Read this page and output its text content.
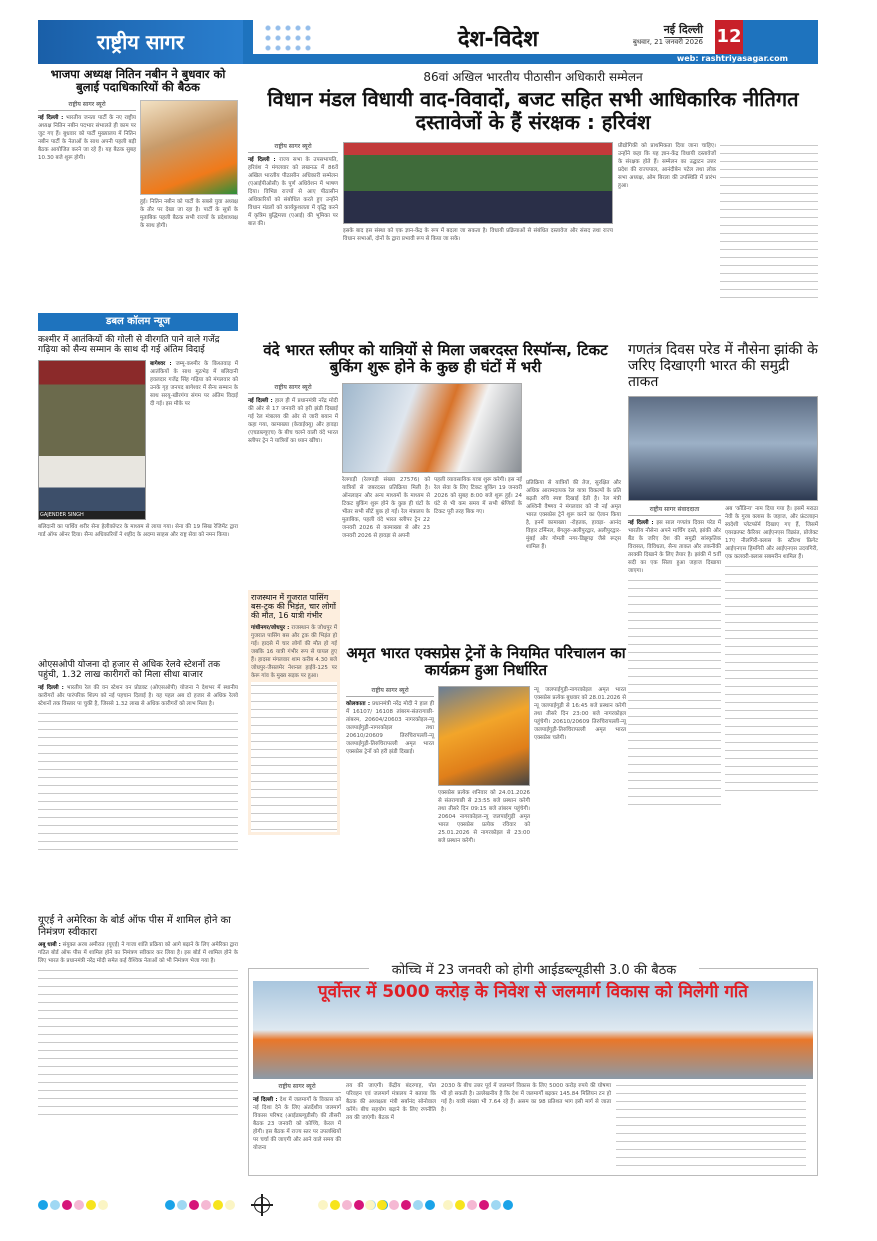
राष्ट्रीय सागर	देश-विदेश	नई दिल्ली
बुधवार, 21 जनवरी 2026 12
web: rashtriyasagar.com
भाजपा अध्यक्ष नितिन नबीन ने बुधवार को बुलाई पदाधिकारियों की बैठक
राष्ट्रीय सागर ब्यूरो
नई दिल्ली : भारतीय जनता पार्टी के नए राष्ट्रीय अध्यक्ष नितिन नबीन पदभार संभालते ही काम पर जुट गए हैं। बुधवार को पार्टी मुख्यालय में नितिन नबीन पार्टी के नेताओं के साथ अपनी पहली बड़ी बैठक आयोजित करने जा रहे हैं। यह बैठक सुबह 10.30 बजे शुरू होगी।
हुई। नितिन नबीन को पार्टी के सबसे युवा अध्यक्ष के तौर पर देखा जा रहा है। पार्टी के सूत्रों के मुताबिक पहली बैठक सभी राज्यों के प्रदेशाध्यक्ष के साथ होगी।
डबल कॉलम न्यूज
कश्मीर में आतंकियों की गोली से वीरगति पाने वाले गजेंद्र गढ़िया को सैन्य सम्मान के साथ दी गई अंतिम विदाई
GAJENDER SINGH
बागेश्वर : जम्मू-कश्मीर के किश्तवाड़ में आतंकियों के साथ मुठभेड़ में बलिदानी हवलदार गजेंद्र सिंह गढ़िया को मंगलवार को उनके गृह जनपद बागेश्वर में सैन्य सम्मान के साथ सरयू-खीरगंगा संगम पर अंतिम विदाई दी गई। इस मौके पर
बलिदानी का पार्थिव शरीर सेना हेलीकॉप्टर के माध्यम से लाया गया। सेना की 19 सिख रेजिमेंट द्वारा गार्ड ऑफ ऑनर दिया। सैन्य अधिकारियों ने शहीद के अदम्य साहस और राष्ट्र सेवा को नमन किया।
ओएसओपी योजना दो हजार से अधिक रेलवे स्टेशनों तक पहुंची, 1.32 लाख कारीगरों को मिला सीधा बाजार
नई दिल्ली : भारतीय रेल की वन स्टेशन वन प्रोडक्ट (ओएसओपी) योजना ने देशभर में स्थानीय कारीगरों और पारंपरिक शिल्प को नई पहचान दिलाई है। यह पहल अब दो हजार से अधिक रेलवे स्टेशनों तक विस्तार पा चुकी है, जिससे 1.32 लाख से अधिक कारीगरों को लाभ मिला है।
यूएई ने अमेरिका के बोर्ड ऑफ पीस में शामिल होने का निमंत्रण स्वीकारा
अबू धाबी : संयुक्त अरब अमीरात (यूएई) ने गाजा शांति प्रक्रिया को आगे बढ़ाने के लिए अमेरिका द्वारा गठित बोर्ड ऑफ पीस में शामिल होने का निमंत्रण स्वीकार कर लिया है। इस बोर्ड में शामिल होने के लिए भारत के प्रधानमंत्री नरेंद्र मोदी समेत कई वैश्विक नेताओं को भी निमंत्रण भेजा गया है।
86वां अखिल भारतीय पीठासीन अधिकारी सम्मेलन
विधान मंडल विधायी वाद-विवादों, बजट सहित सभी आधिकारिक नीतिगत दस्तावेजों के हैं संरक्षक : हरिवंश
राष्ट्रीय सागर ब्यूरो
नई दिल्ली : राज्य सभा के उपसभापति, हरिवंश ने मंगलवार को लखनऊ में 86वें अखिल भारतीय पीठासीन अधिकारी सम्मेलन (एआईपीओसी) के पूर्ण अधिवेशन में भाषण दिया। विभिन्न राज्यों से आए पीठासीन अधिकारियों को संबोधित करते हुए उन्होंने विधान मंडलों को कार्यकुशलता में वृद्धि करने में कृत्रिम बुद्धिमत्ता (एआई) की भूमिका पर बात की।
इसके बाद इस संस्था को एक ज्ञान-केंद्र के रूप में बदला जा सकता है। विधायी प्रक्रियाओं से संबंधित दस्तावेज और संसद तथा राज्य विधान सभाओं, दोनों के द्वारा प्रभावी रूप से किया जा सके।
प्रौद्योगिकी को प्राथमिकता दिया जाना चाहिए। उन्होंने कहा कि यह ज्ञान-केंद्र विधायी दस्तावेजों के संरक्षक होते हैं। सम्मेलन का उद्घाटन उत्तर प्रदेश की राज्यपाल, आनंदीबेन पटेल तथा लोक सभा अध्यक्ष, ओम बिरला की उपस्थिति में प्रारंभ हुआ।
वंदे भारत स्लीपर को यात्रियों से मिला जबरदस्त रिस्पॉन्स, टिकट बुकिंग शुरू होने के कुछ ही घंटों में भरी
राष्ट्रीय सागर ब्यूरो
नई दिल्ली : हाल ही में प्रधानमंत्री नरेंद्र मोदी की ओर से 17 जनवरी को हरी झंडी दिखाई गई रेल मंत्रालय की ओर से जारी बयान में कहा गया, कामाख्या (केवाईक्यू) और हावड़ा (एचडब्ल्यूएच) के बीच चलने वाली वंदे भारत स्लीपर ट्रेन ने यात्रियों का ध्यान खींचा।
रेलगाड़ी (रेलगाड़ी संख्या 27576) को यात्रियों से जबरदस्त प्रतिक्रिया मिली है। ऑनलाइन और अन्य माध्यमों के माध्यम से टिकट बुकिंग शुरू होने के कुछ ही घंटों के भीतर सभी सीटें बुक हो गईं। रेल मंत्रालय के मुताबिक, पहली वंदे भारत स्लीपर ट्रेन 22 जनवरी 2026 से कामाख्या से और 23 जनवरी 2026 से हावड़ा से अपनी
पहली व्यावसायिक यात्रा शुरू करेगी। इस नई रेल सेवा के लिए टिकट बुकिंग 19 जनवरी 2026 को सुबह 8:00 बजे शुरू हुई। 24 घंटे से भी कम समय में सभी श्रेणियों के टिकट पूरी तरह बिक गए।
प्रतिक्रिया से यात्रियों की तेज, सुरक्षित और अधिक आरामदायक रेल यात्रा विकल्पों के प्रति बढ़ती रुचि स्पष्ट दिखाई देती है। रेल मंत्री अश्विनी वैष्णव ने मंगलवार को नौ नई अमृत भारत एक्सप्रेस ट्रेनें शुरू करने का ऐलान किया है, इनमें कामाख्या -रोहतक, हावड़ा- आनंद विहार टर्मिनल, बेंगलुरु-अलीपुरद्वार, अलीपुरद्वार-मुंबई और गोमती नगर-डिब्रूगढ़ जैसे रूट्स शामिल हैं।
गणतंत्र दिवस परेड में नौसेना झांकी के जरिए दिखाएगी भारत की समुद्री ताकत
राष्ट्रीय सागर संवाददाता
नई दिल्ली : इस साल गणतंत्र दिवस परेड में भारतीय नौसेना अपने मार्चिंग दस्ते, झांकी और बैंड के जरिए देश की समुद्री सांस्कृतिक विरासत, विविधता, सैन्य ताकत और तकनीकी तरक्की दिखाने के लिए तैयार है। झांकी में 5वीं सदी का एक सिला हुआ जहाज दिखाया जाएगा।
अब 'कौंडिन्य' नाम दिया गया है। इसमें मराठा नेवी के गुरब क्लास के जहाज, और फ्रंटलाइन स्वदेशी प्लेटफॉर्म दिखाए गए हैं, जिसमें एयरक्राफ्ट कैरियर आईएनएस विक्रांत, प्रोजेक्ट 17ए नीलगिरी-क्लास के स्टील्थ फ्रिगेट आईएनएस हिमगिरी और आईएनएस उदयगिरी, एक कलवरी-क्लास सबमरीन शामिल हैं।
राजस्थान में गुजरात पासिंग बस-ट्रक की भिड़ंत, चार लोगों की मौत, 16 यात्री गंभीर
गांधीनगर/जोधपुर : राजस्थान के जोधपुर में गुजरात पासिंग बस और ट्रक की भिड़ंत हो गई। हादसे में चार लोगों की मौत हो गई जबकि 16 यात्री गंभीर रूप से घायल हुए हैं। हादसा मंगलवार शाम करीब 4.30 बजे जोधपुर-जैसलमेर नेशनल हाईवे-125 पर केरू गांव के मुख्य सड़क पर हुआ।
अमृत भारत एक्सप्रेस ट्रेनों के नियमित परिचालन का कार्यक्रम हुआ निर्धारित
राष्ट्रीय सागर ब्यूरो
कोलकाता : प्रधानमंत्री नरेंद्र मोदी ने हाल ही में 16107/ 16108 तांबरम-संतरागाछी-तांबरम, 20604/20603 नागरकोइल-न्यू जलपाईगुड़ी-नागरकोइल तथा 20610/20609 तिरुचिरापल्ली-न्यू जलपाईगुड़ी-तिरुचिरापल्ली अमृत भारत एक्सप्रेस ट्रेनों को हरी झंडी दिखाई।
एक्सप्रेस प्रत्येक शनिवार को 24.01.2026 से संतरागाछी से 23:55 बजे प्रस्थान करेगी तथा तीसरे दिन 09:15 बजे तांबरम पहुंचेगी। 20604 नागरकोइल-न्यू जलपाईगुड़ी अमृत भारत एक्सप्रेस प्रत्येक रविवार को 25.01.2026 से नागरकोइल से 23:00 बजे प्रस्थान करेगी।
न्यू जलपाईगुड़ी-नागरकोइल अमृत भारत एक्सप्रेस प्रत्येक बुधवार को 28.01.2026 से न्यू जलपाईगुड़ी से 16:45 बजे प्रस्थान करेगी तथा तीसरे दिन 23:00 बजे नागरकोइल पहुंचेगी। 20610/20609 तिरुचिरापल्ली-न्यू जलपाईगुड़ी-तिरुचिरापल्ली अमृत भारत एक्सप्रेस चलेगी।
कोच्चि में 23 जनवरी को होगी आईडब्ल्यूडीसी 3.0 की बैठक
पूर्वोत्तर में 5000 करोड़ के निवेश से जलमार्ग विकास को मिलेगी गति
राष्ट्रीय सागर ब्यूरो
नई दिल्ली : देश में जलमार्गों के विकास को नई दिशा देने के लिए अंतर्देशीय जलमार्ग विकास परिषद (आईडब्ल्यूडीसी) की तीसरी बैठक 23 जनवरी को कोच्चि, केरल में होगी। इस बैठक में राज्य स्तर पर उपलब्धियों पर चर्चा की जाएगी और आने वाले समय की योजना
तय की जाएगी। केंद्रीय बंदरगाह, पोत परिवहन एवं जलमार्ग मंत्रालय ने बताया कि बैठक की अध्यक्षता मंत्री सर्बानंद सोनोवाल करेंगे। बीच सहयोग बढ़ाने के लिए रणनीति तय की जाएंगी। बैठक में
2030 के बीच उत्तर पूर्व में जलमार्ग विकास के लिए 5000 करोड़ रुपये की घोषणा भी हो सकती है। उल्लेखनीय है कि देश में जलमार्गों बढ़कर 145.84 मिलियन टन हो गई है। यात्री संख्या भी 7.64 रहे हैं। असम का 98 प्रतिशत भाग इसी मार्ग से जाता है।
